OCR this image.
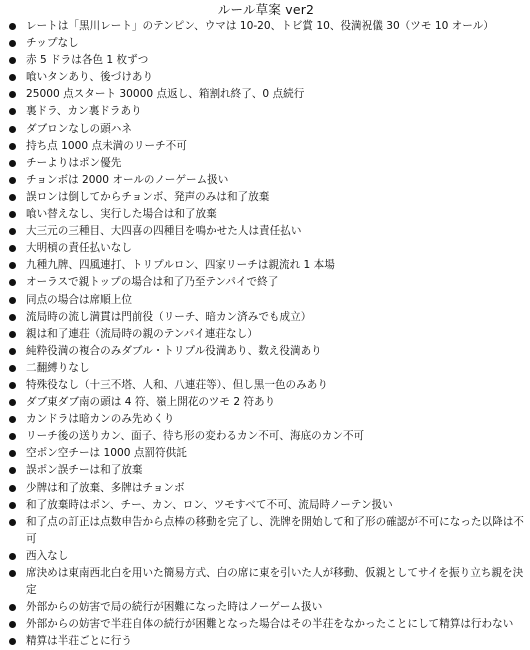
ルール草案 ver2
レートは「黒川レート」のテンピン、ウマは 10-20、トビ賞 10、役満祝儀 30（ツモ 10 オール）
チップなし
赤 5 ドラは各色 1 枚ずつ
喰いタンあり、後づけあり
25000 点スタート 30000 点返し、箱割れ終了、0 点続行
裏ドラ、カン裏ドラあり
ダブロンなしの頭ハネ
持ち点 1000 点未満のリーチ不可
チーよりはポン優先
チョンボは 2000 オールのノーゲーム扱い
誤ロンは倒してからチョンボ、発声のみは和了放棄
喰い替えなし、実行した場合は和了放棄
大三元の三種目、大四喜の四種目を鳴かせた人は責任払い
大明槓の責任払いなし
九種九牌、四風連打、トリプルロン、四家リーチは親流れ 1 本場
オーラスで親トップの場合は和了乃至テンパイで終了
同点の場合は席順上位
流局時の流し満貫は門前役（リーチ、暗カン済みでも成立）
親は和了連荘（流局時の親のテンパイ連荘なし）
純粋役満の複合のみダブル・トリプル役満あり、数え役満あり
二翻縛りなし
特殊役なし（十三不塔、人和、八連荘等）、但し黒一色のみあり
ダブ東ダブ南の頭は 4 符、嶺上開花のツモ 2 符あり
カンドラは暗カンのみ先めくり
リーチ後の送りカン、面子、待ち形の変わるカン不可、海底のカン不可
空ポン空チーは 1000 点罰符供託
誤ポン誤チーは和了放棄
少牌は和了放棄、多牌はチョンボ
和了放棄時はポン、チー、カン、ロン、ツモすべて不可、流局時ノーテン扱い
和了点の訂正は点数申告から点棒の移動を完了し、洗牌を開始して和了形の確認が不可になった以降は不可
西入なし
席決めは東南西北白を用いた簡易方式、白の席に東を引いた人が移動、仮親としてサイを振り立ち親を決定
外部からの妨害で局の続行が困難になった時はノーゲーム扱い
外部からの妨害で半荘自体の続行が困難となった場合はその半荘をなかったことにして精算は行わない
精算は半荘ごとに行う
